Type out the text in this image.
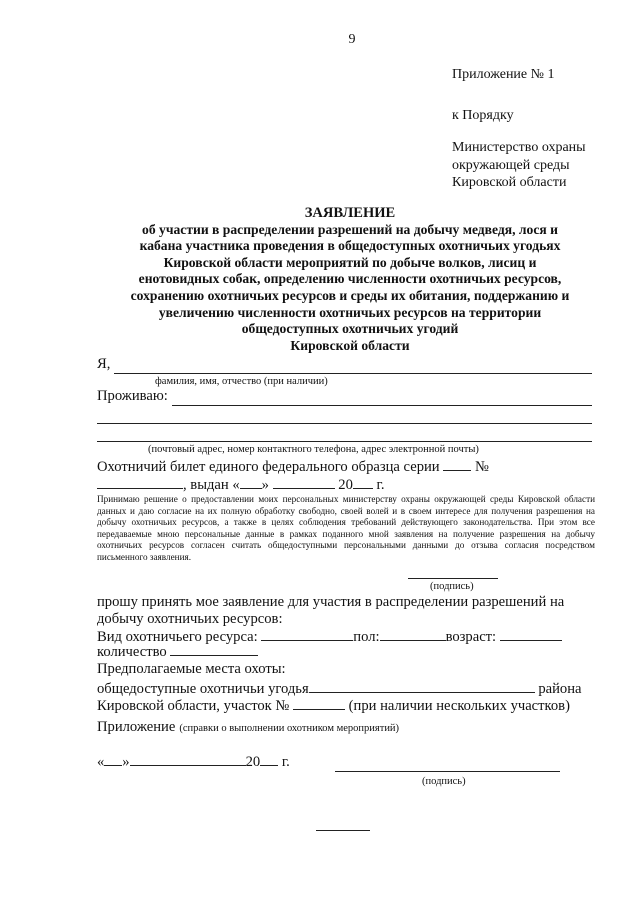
9
Приложение № 1
к Порядку
Министерство охраны
окружающей среды
Кировской области
ЗАЯВЛЕНИЕ
об участии в распределении разрешений на добычу медведя, лося и
кабана участника проведения в общедоступных охотничьих угодьях
Кировской области мероприятий по добыче волков, лисиц и
енотовидных собак, определению численности охотничьих ресурсов,
сохранению охотничьих ресурсов и среды их обитания, поддержанию и
увеличению численности охотничьих ресурсов на территории
общедоступных охотничьих угодий
Кировской области
Я,
фамилия, имя, отчество (при наличии)
Проживаю:
(почтовый адрес, номер контактного телефона, адрес электронной почты)
Охотничий билет единого федерального образца серии №
, выдан « »	20 г.
Принимаю решение о предоставлении моих персональных министерству охраны окружающей среды Кировской области данных и даю согласие на их полную обработку свободно, своей волей и в своем интересе для получения разрешения на добычу охотничьих ресурсов, а также в целях соблюдения требований действующего законодательства. При этом все передаваемые мною персональные данные в рамках поданного мной заявления на получение разрешения на добычу охотничьих ресурсов согласен считать общедоступными персональными данными до отзыва согласия посредством письменного заявления.
(подпись)
прошу принять мое заявление для участия в распределении разрешений на
добычу охотничьих ресурсов:
Вид охотничьего ресурса:	пол:	возраст:
количество
Предполагаемые места охоты:
общедоступные охотничьи угодья	района
Кировской области, участок №	(при наличии нескольких участков)
Приложение (справки о выполнении охотником мероприятий)
« »	20 г.
(подпись)
